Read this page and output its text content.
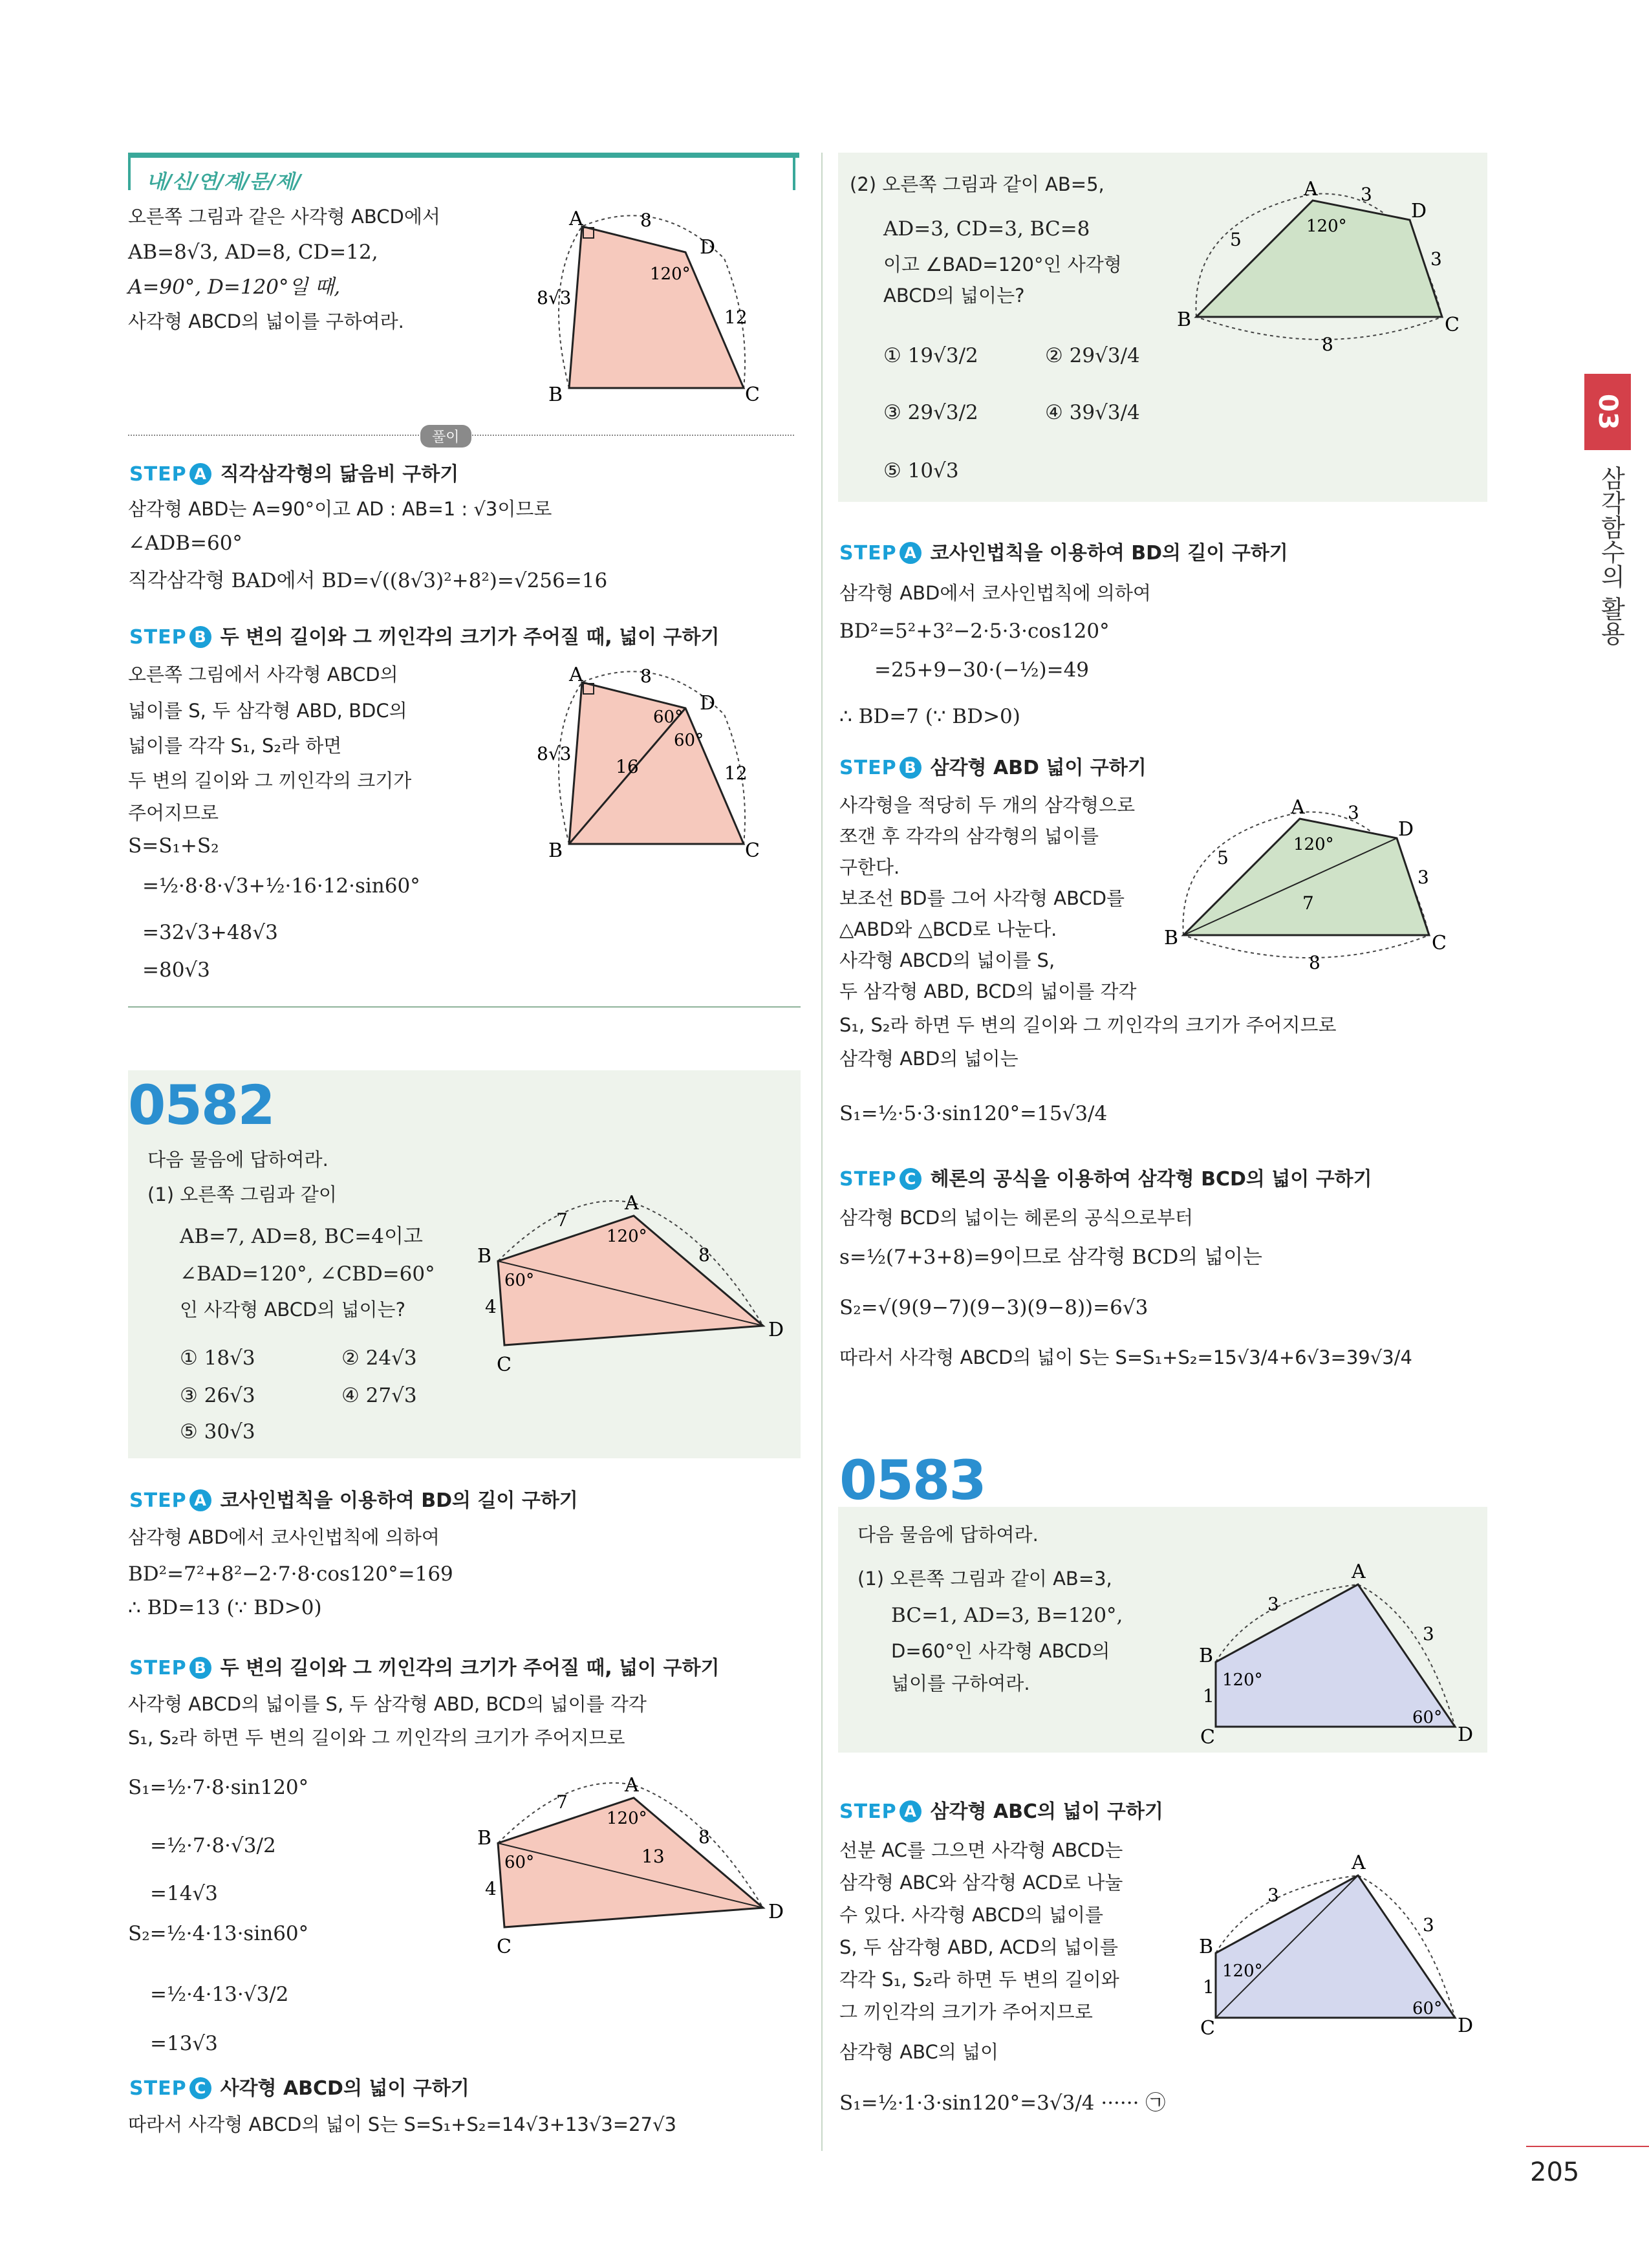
내/신/연/계/문/제/
오른쪽 그림과 같은 사각형 ABCD에서
AB=8√3, AD=8, CD=12,
A=90°, D=120°일 때,
사각형 ABCD의 넓이를 구하여라.
A
D
B	C
8
8√3
12
120°
풀이
STEP A 직각삼각형의 닮음비 구하기
삼각형 ABD는 A=90°이고 AD : AB=1 : √3이므로
∠ADB=60°
직각삼각형 BAD에서 BD=√((8√3)²+8²)=√256=16
STEP B 두 변의 길이와 그 끼인각의 크기가 주어질 때, 넓이 구하기
오른쪽 그림에서 사각형 ABCD의
넓이를 S, 두 삼각형 ABD, BDC의
넓이를 각각 S₁, S₂라 하면
두 변의 길이와 그 끼인각의 크기가
주어지므로
S=S₁+S₂
=½·8·8·√3+½·16·12·sin60°
=32√3+48√3
=80√3
A
D
B	C
8
8√3
12
16
60°
60°
0582
다음 물음에 답하여라.
(1) 오른쪽 그림과 같이
AB=7, AD=8, BC=4이고
∠BAD=120°, ∠CBD=60°
인 사각형 ABCD의 넓이는?
① 18√3	② 24√3
③ 26√3	④ 27√3
⑤ 30√3
A
B
C
D
7
8
4
120°
60°
STEP A 코사인법칙을 이용하여 BD의 길이 구하기
삼각형 ABD에서 코사인법칙에 의하여
BD²=7²+8²−2·7·8·cos120°=169
∴ BD=13 (∵ BD>0)
STEP B 두 변의 길이와 그 끼인각의 크기가 주어질 때, 넓이 구하기
사각형 ABCD의 넓이를 S, 두 삼각형 ABD, BCD의 넓이를 각각
S₁, S₂라 하면 두 변의 길이와 그 끼인각의 크기가 주어지므로
S₁=½·7·8·sin120°
=½·7·8·√3/2
=14√3
S₂=½·4·13·sin60°
=½·4·13·√3/2
=13√3
A
B
C
D
7
8
4
13
120°
60°
STEP C 사각형 ABCD의 넓이 구하기
따라서 사각형 ABCD의 넓이 S는 S=S₁+S₂=14√3+13√3=27√3
(2) 오른쪽 그림과 같이 AB=5,
AD=3, CD=3, BC=8
이고 ∠BAD=120°인 사각형
ABCD의 넓이는?
① 19√3/2	② 29√3/4
③ 29√3/2	④ 39√3/4
⑤ 10√3
A
B	C
D
5
3
3
8
120°
STEP A 코사인법칙을 이용하여 BD의 길이 구하기
삼각형 ABD에서 코사인법칙에 의하여
BD²=5²+3²−2·5·3·cos120°
=25+9−30·(−½)=49
∴ BD=7 (∵ BD>0)
STEP B 삼각형 ABD 넓이 구하기
사각형을 적당히 두 개의 삼각형으로
쪼갠 후 각각의 삼각형의 넓이를
구한다.
보조선 BD를 그어 사각형 ABCD를
△ABD와 △BCD로 나눈다.
사각형 ABCD의 넓이를 S,
두 삼각형 ABD, BCD의 넓이를 각각
S₁, S₂라 하면 두 변의 길이와 그 끼인각의 크기가 주어지므로
삼각형 ABD의 넓이는
S₁=½·5·3·sin120°=15√3/4
A
B	C
D
5
3
3
8
7
120°
STEP C 헤론의 공식을 이용하여 삼각형 BCD의 넓이 구하기
삼각형 BCD의 넓이는 헤론의 공식으로부터
s=½(7+3+8)=9이므로 삼각형 BCD의 넓이는
S₂=√(9(9−7)(9−3)(9−8))=6√3
따라서 사각형 ABCD의 넓이 S는 S=S₁+S₂=15√3/4+6√3=39√3/4
0583
다음 물음에 답하여라.
(1) 오른쪽 그림과 같이 AB=3,
BC=1, AD=3, B=120°,
D=60°인 사각형 ABCD의
넓이를 구하여라.
A
B
C	D
3
3
1
120°
60°
STEP A 삼각형 ABC의 넓이 구하기
선분 AC를 그으면 사각형 ABCD는
삼각형 ABC와 삼각형 ACD로 나눌
수 있다. 사각형 ABCD의 넓이를
S, 두 삼각형 ABD, ACD의 넓이를
각각 S₁, S₂라 하면 두 변의 길이와
그 끼인각의 크기가 주어지므로
삼각형 ABC의 넓이
S₁=½·1·3·sin120°=3√3/4 ······ ㉠
A
B
C	D
3
3
1
120°
60°
03
삼각함수의 활용
205
